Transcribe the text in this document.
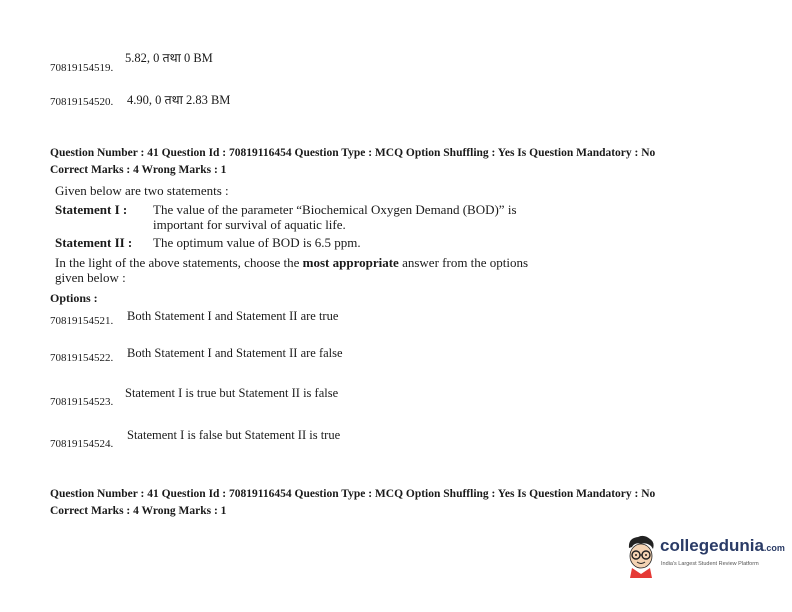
70819154519.
5.82, 0 तथा 0 BM
70819154520. 4.90, 0 तथा 2.83 BM
Question Number : 41 Question Id : 70819116454 Question Type : MCQ Option Shuffling : Yes Is Question Mandatory : No
Correct Marks : 4 Wrong Marks : 1
Given below are two statements :
Statement I : The value of the parameter “Biochemical Oxygen Demand (BOD)” is
important for survival of aquatic life.
Statement II : The optimum value of BOD is 6.5 ppm.
In the light of the above statements, choose the most appropriate answer from the options
given below :
Options :
70819154521. Both Statement I and Statement II are true
70819154522. Both Statement I and Statement II are false
70819154523.
Statement I is true but Statement II is false
70819154524.
Statement I is false but Statement II is true
Question Number : 41 Question Id : 70819116454 Question Type : MCQ Option Shuffling : Yes Is Question Mandatory : No
Correct Marks : 4 Wrong Marks : 1
collegedunia.com
India's Largest Student Review Platform
